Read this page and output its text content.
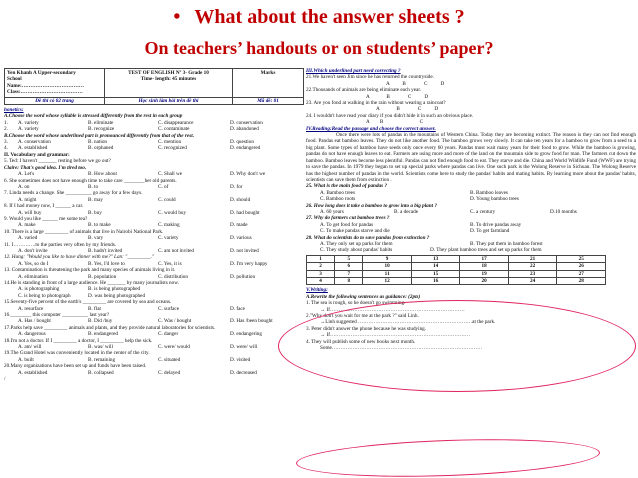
• What about the answer sheets ?
On teachers’ handouts or on students’ paper?
Yen Khanh A Upper-secondary
School
Name:………………………………
Class:………………………………
TEST OF ENGLISH Nº 3- Grade 10
Time- length: 45 minutes
Marks
Đề thi có 02 trang	Học sinh làm bài trên đề thi	Mã đề: 01
honetics:
A.Choose the word whose syllable is stressed differently from the rest in each group
1.	A. variety	B. eliminate	C. disappearance	D. conservation
2.	A. variety	B. recognize	C. contaminate	D. abandoned
B.Choose the word whose underlined part is pronounced differently from that of the rest.
3.	A. conservation	B. nation	C. mention	D. question
4.	A. established	B. orphaned	C. recognized	D. endangered
II. Vocabulary and grammar:
5. Ted: I haven't _______ resting before we go out?
Claire: That's good idea. I'm tired too.
A. Let's	B. How about	C. Shall we	D. Why don't we
6. She sometimes does not have enough time to take care ________her old parents.
A. on	B. to	C. of	D. for
7. Linda needs a change. She __________ go away for a few days.
A. might	B. may	C. could	D. should
8. If I had money now, I ______ a car.
A. will buy	B. buy	C. would buy	D. had bought
9. Would you like ______ me some tea?
A. make	B. to make	C. making	D. made
10. There is a large _________ of animals that live in Nairobi National Park.
A. varied	B. vary	C. variety	D. various
11. I………….to the parties very often by my friends.
A. don't invite	B. hadn't invited	C. am not invited	D. not invited
12. Hung: "Would you like to have dinner with me?" Lan: "_________."
A. Yes, so do I	B. Yes, I'd love to	C. Yes, it is	D. I'm very happy
13. Contamination is threatening the park and many species of animals living in it.
A. elimination	B. population	C. distribution	D. pollution
14.He is standing in front of a large audience. He _______ by many journalists now.
A. is photographing	B. is being photographed
C. is being to photograph	D. was being photographed
15.Seventy-five percent of the earth's _________ are covered by sea and oceans.
A. resurface	B. flat	C. surface	D. face
16.________ this computer __________ last year?
A. Has / bought	B. Did /buy	C. Was / bought	D. Has /been bought
17.Parks help save _________ animals and plants, and they provide natural laboratories for scientists.
A. dangerous	B. endangered	C. danger	D. endangering
18.I'm not a doctor. If I _________ a doctor, I _________ help the sick.
A. am/ will	B. was/ will	C. were/ would	D. were/ will
19.The Grand Hotel was conveniently located in the center of the city.
A. built	B. remaining	C. situated	D. visited
20.Many organizations have been set up and funds have been raised.
A. established	B. collapsed	C. delayed	D. decreased
/
III.Which underlined part need correcting ?
21.We haven't seen Jim since he has returned the countryside.
A          B              C          D
22.Thousands of animals are being eliminate each year.
A             B              C          D
23. Are you fond at walking in the rain without wearing a raincoat?
A             B              C          D
24. I wouldn't have read your diary if you didn't hide it in such an obvious place.
A        B                            C
IV.Reading:Read the passage and choose the correct answer.
Once there were lots of pandas in the mountains of Western China. Today they are becoming extinct. The reason is they can not find enough food. Pandas eat bamboo leaves. They do not like another food. The bamboo grows very slowly. It can take ten years for a bamboo to grow from a seed to a big plant. Some types of bamboo have seeds only once every 60 years. Pandas must wait many years for their food to grow. While the bamboo is growing, pandas do not have enough leaves to eat. Farmers are using more and more of the land on the mountain side to grow food for man. The farmers cut down the bamboo. Bamboo leaves become less plentiful. Pandas can not find enough food to eat. They starve and die. China and World Wildlife Fund (WWF) are trying to save the pandas. In 1979 they began to set up special parks where pandas can live. One such park is the Wolong Reserve in Sichuan. The Wolong Reserve has the highest number of pandas in the world. Scientists come here to study the pandas' habits and mating habits. By learning more about the pandas' habits, scientists can save them from extinction .
25. What is the main food of pandas ?
A. Bamboo trees	B. Bamboo leaves
C. Bamboo roots	D. Young bamboo trees
26. How long does it take a bamboo to grow into a big plant ?
A. 60 years	B. a decade	C. a century	D.10 months
27. Why do farmers cut bamboo trees ?
A. To get food for pandas	B. To drive pandas away
C. To make pandas starve and die	D. To get farmland
28. What do scientists do to save pandas from extinction ?
A. They only set up parks for them	B. They put them in bamboo forest
C. They study about pandas' habits	D. They plant bamboo trees and set up parks for them
1	5	9	13	17	21	25
2	6	10	14	18	22	26
3	7	11	15	19	23	27
4	8	12	16	20	24	28
V.Writing:
A.Rewrite the following sentences as guidance: (2pts)
1. The sea is rough, so he doesn't go swimming.
→ If……………………………………………………………………
2."Why don't you wait for me at the park ?" said Linh.
→Linh suggested …………………………………………………………at the park.
3. Peter didn't answer the phone because he was studying.
→ If………………………………………………………………………
4. They will publish some of new books next month.
Some……………………………………………………………………………
